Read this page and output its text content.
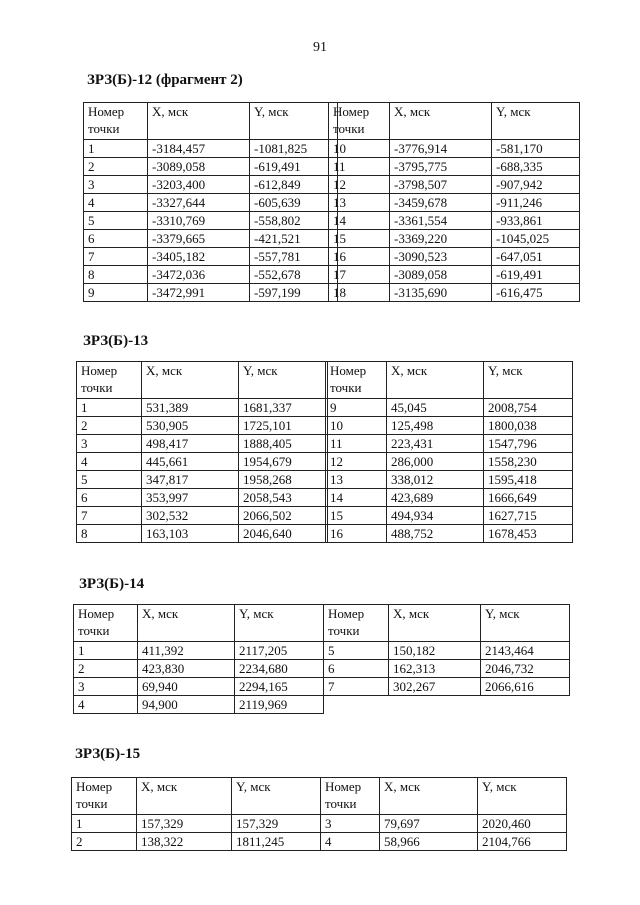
91
ЗРЗ(Б)-12 (фрагмент 2)
Номер
точки	X, мск	Y, мск
1	-3184,457	-1081,825
2	-3089,058	-619,491
3	-3203,400	-612,849
4	-3327,644	-605,639
5	-3310,769	-558,802
6	-3379,665	-421,521
7	-3405,182	-557,781
8	-3472,036	-552,678
9	-3472,991	-597,199
Номер
точки	X, мск	Y, мск
10	-3776,914	-581,170
11	-3795,775	-688,335
12	-3798,507	-907,942
13	-3459,678	-911,246
14	-3361,554	-933,861
15	-3369,220	-1045,025
16	-3090,523	-647,051
17	-3089,058	-619,491
18	-3135,690	-616,475
ЗРЗ(Б)-13
Номер
точки	X, мск	Y, мск
1	531,389	1681,337
2	530,905	1725,101
3	498,417	1888,405
4	445,661	1954,679
5	347,817	1958,268
6	353,997	2058,543
7	302,532	2066,502
8	163,103	2046,640
Номер
точки	X, мск	Y, мск
9	45,045	2008,754
10	125,498	1800,038
11	223,431	1547,796
12	286,000	1558,230
13	338,012	1595,418
14	423,689	1666,649
15	494,934	1627,715
16	488,752	1678,453
ЗРЗ(Б)-14
Номер
точки	X, мск	Y, мск
1	411,392	2117,205
2	423,830	2234,680
3	69,940	2294,165
4	94,900	2119,969
Номер
точки	X, мск	Y, мск
5	150,182	2143,464
6	162,313	2046,732
7	302,267	2066,616
ЗРЗ(Б)-15
Номер
точки	X, мск	Y, мск
1	157,329	157,329
2	138,322	1811,245
Номер
точки	X, мск	Y, мск
3	79,697	2020,460
4	58,966	2104,766
